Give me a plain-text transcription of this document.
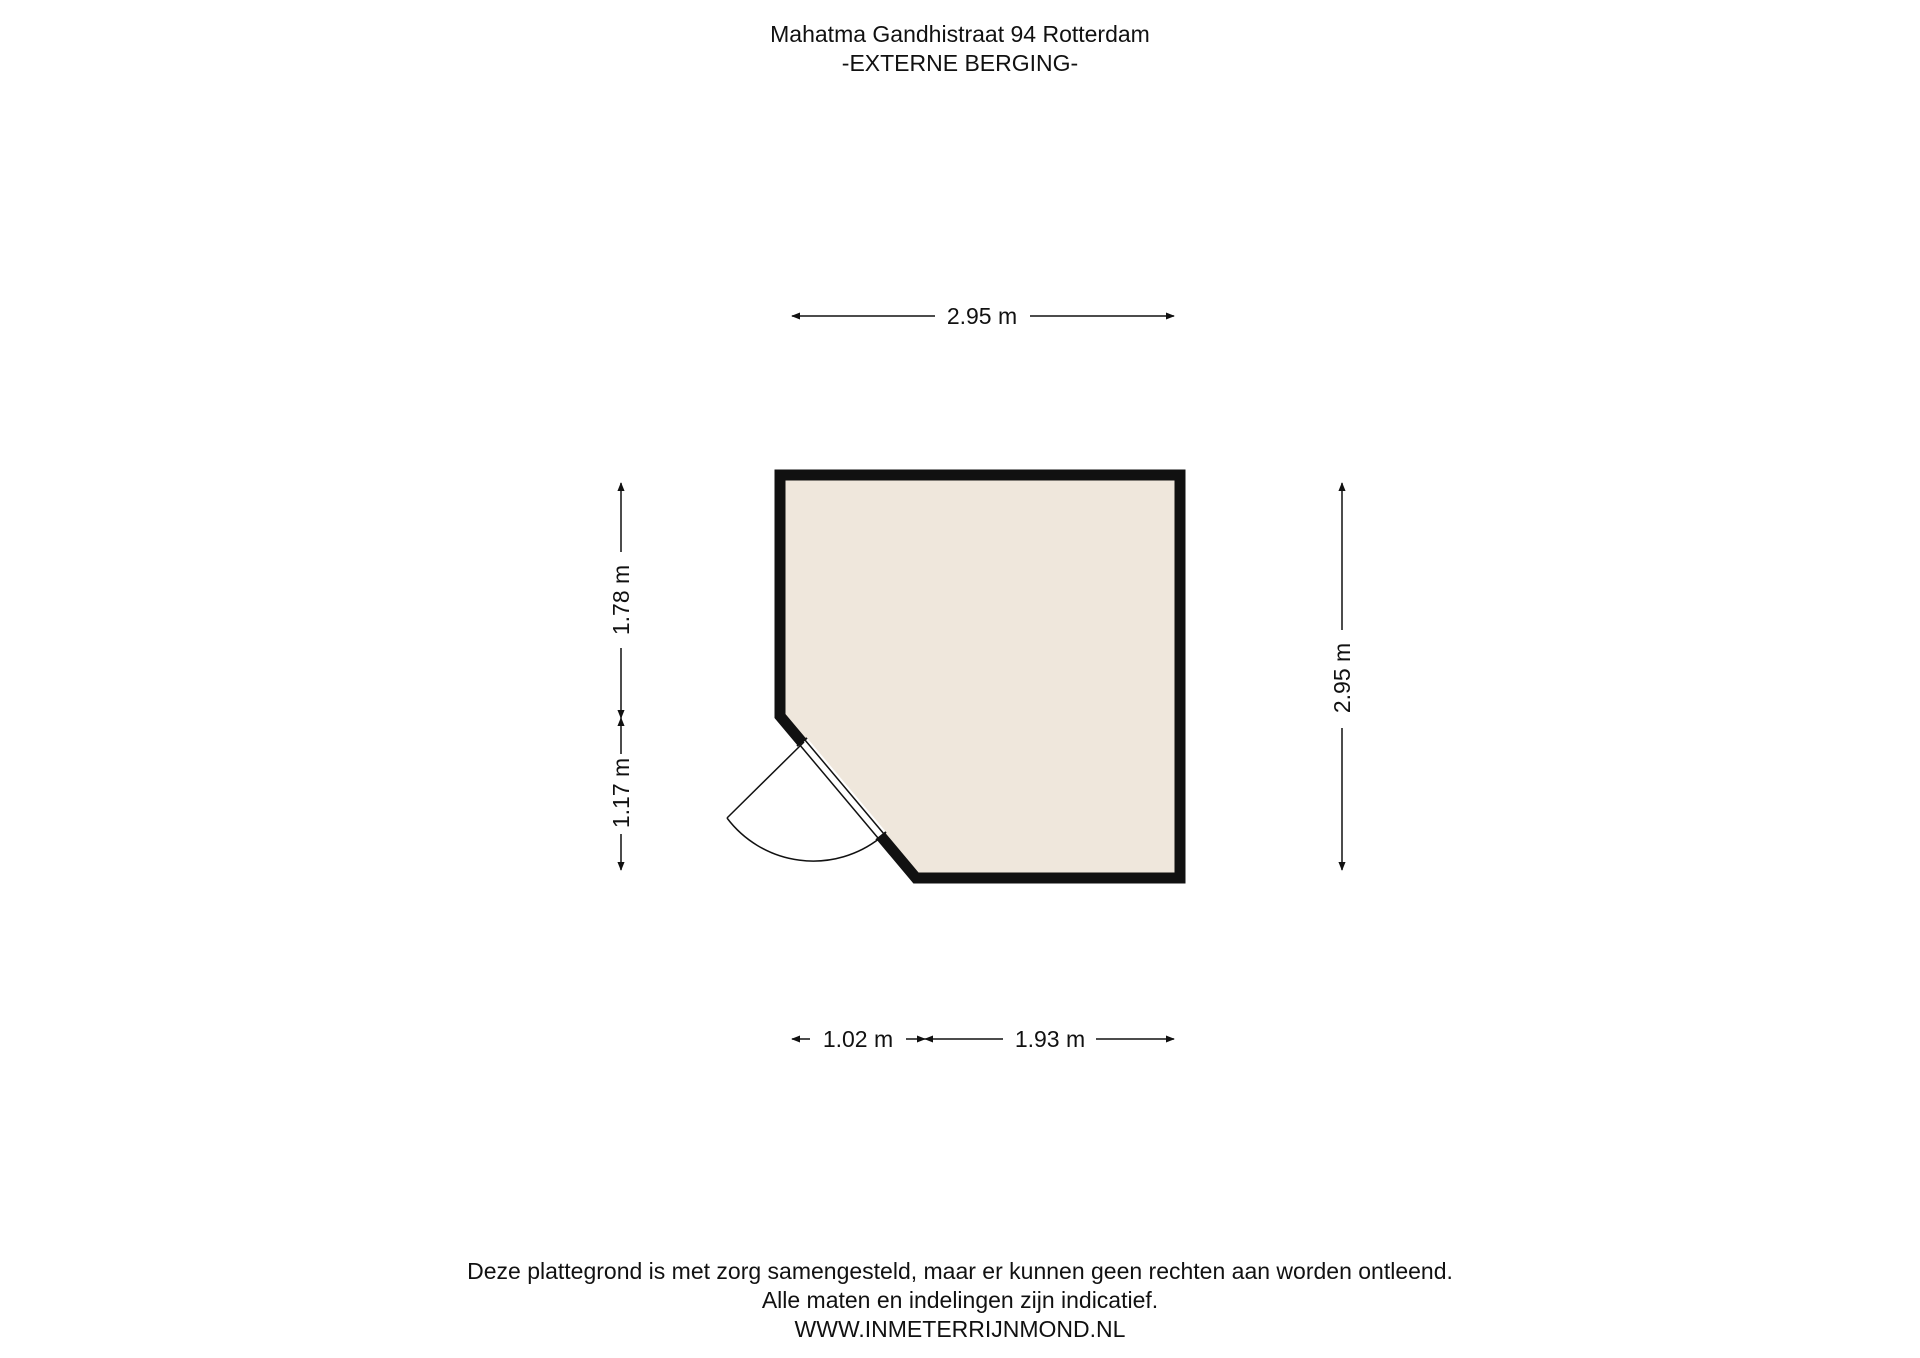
Mahatma Gandhistraat 94 Rotterdam
-EXTERNE BERGING-
2.95 m
2.95 m
1.78 m
1.17 m
1.02 m	1.93 m
Deze plattegrond is met zorg samengesteld, maar er kunnen geen rechten aan worden ontleend.
Alle maten en indelingen zijn indicatief.
WWW.INMETERRIJNMOND.NL
